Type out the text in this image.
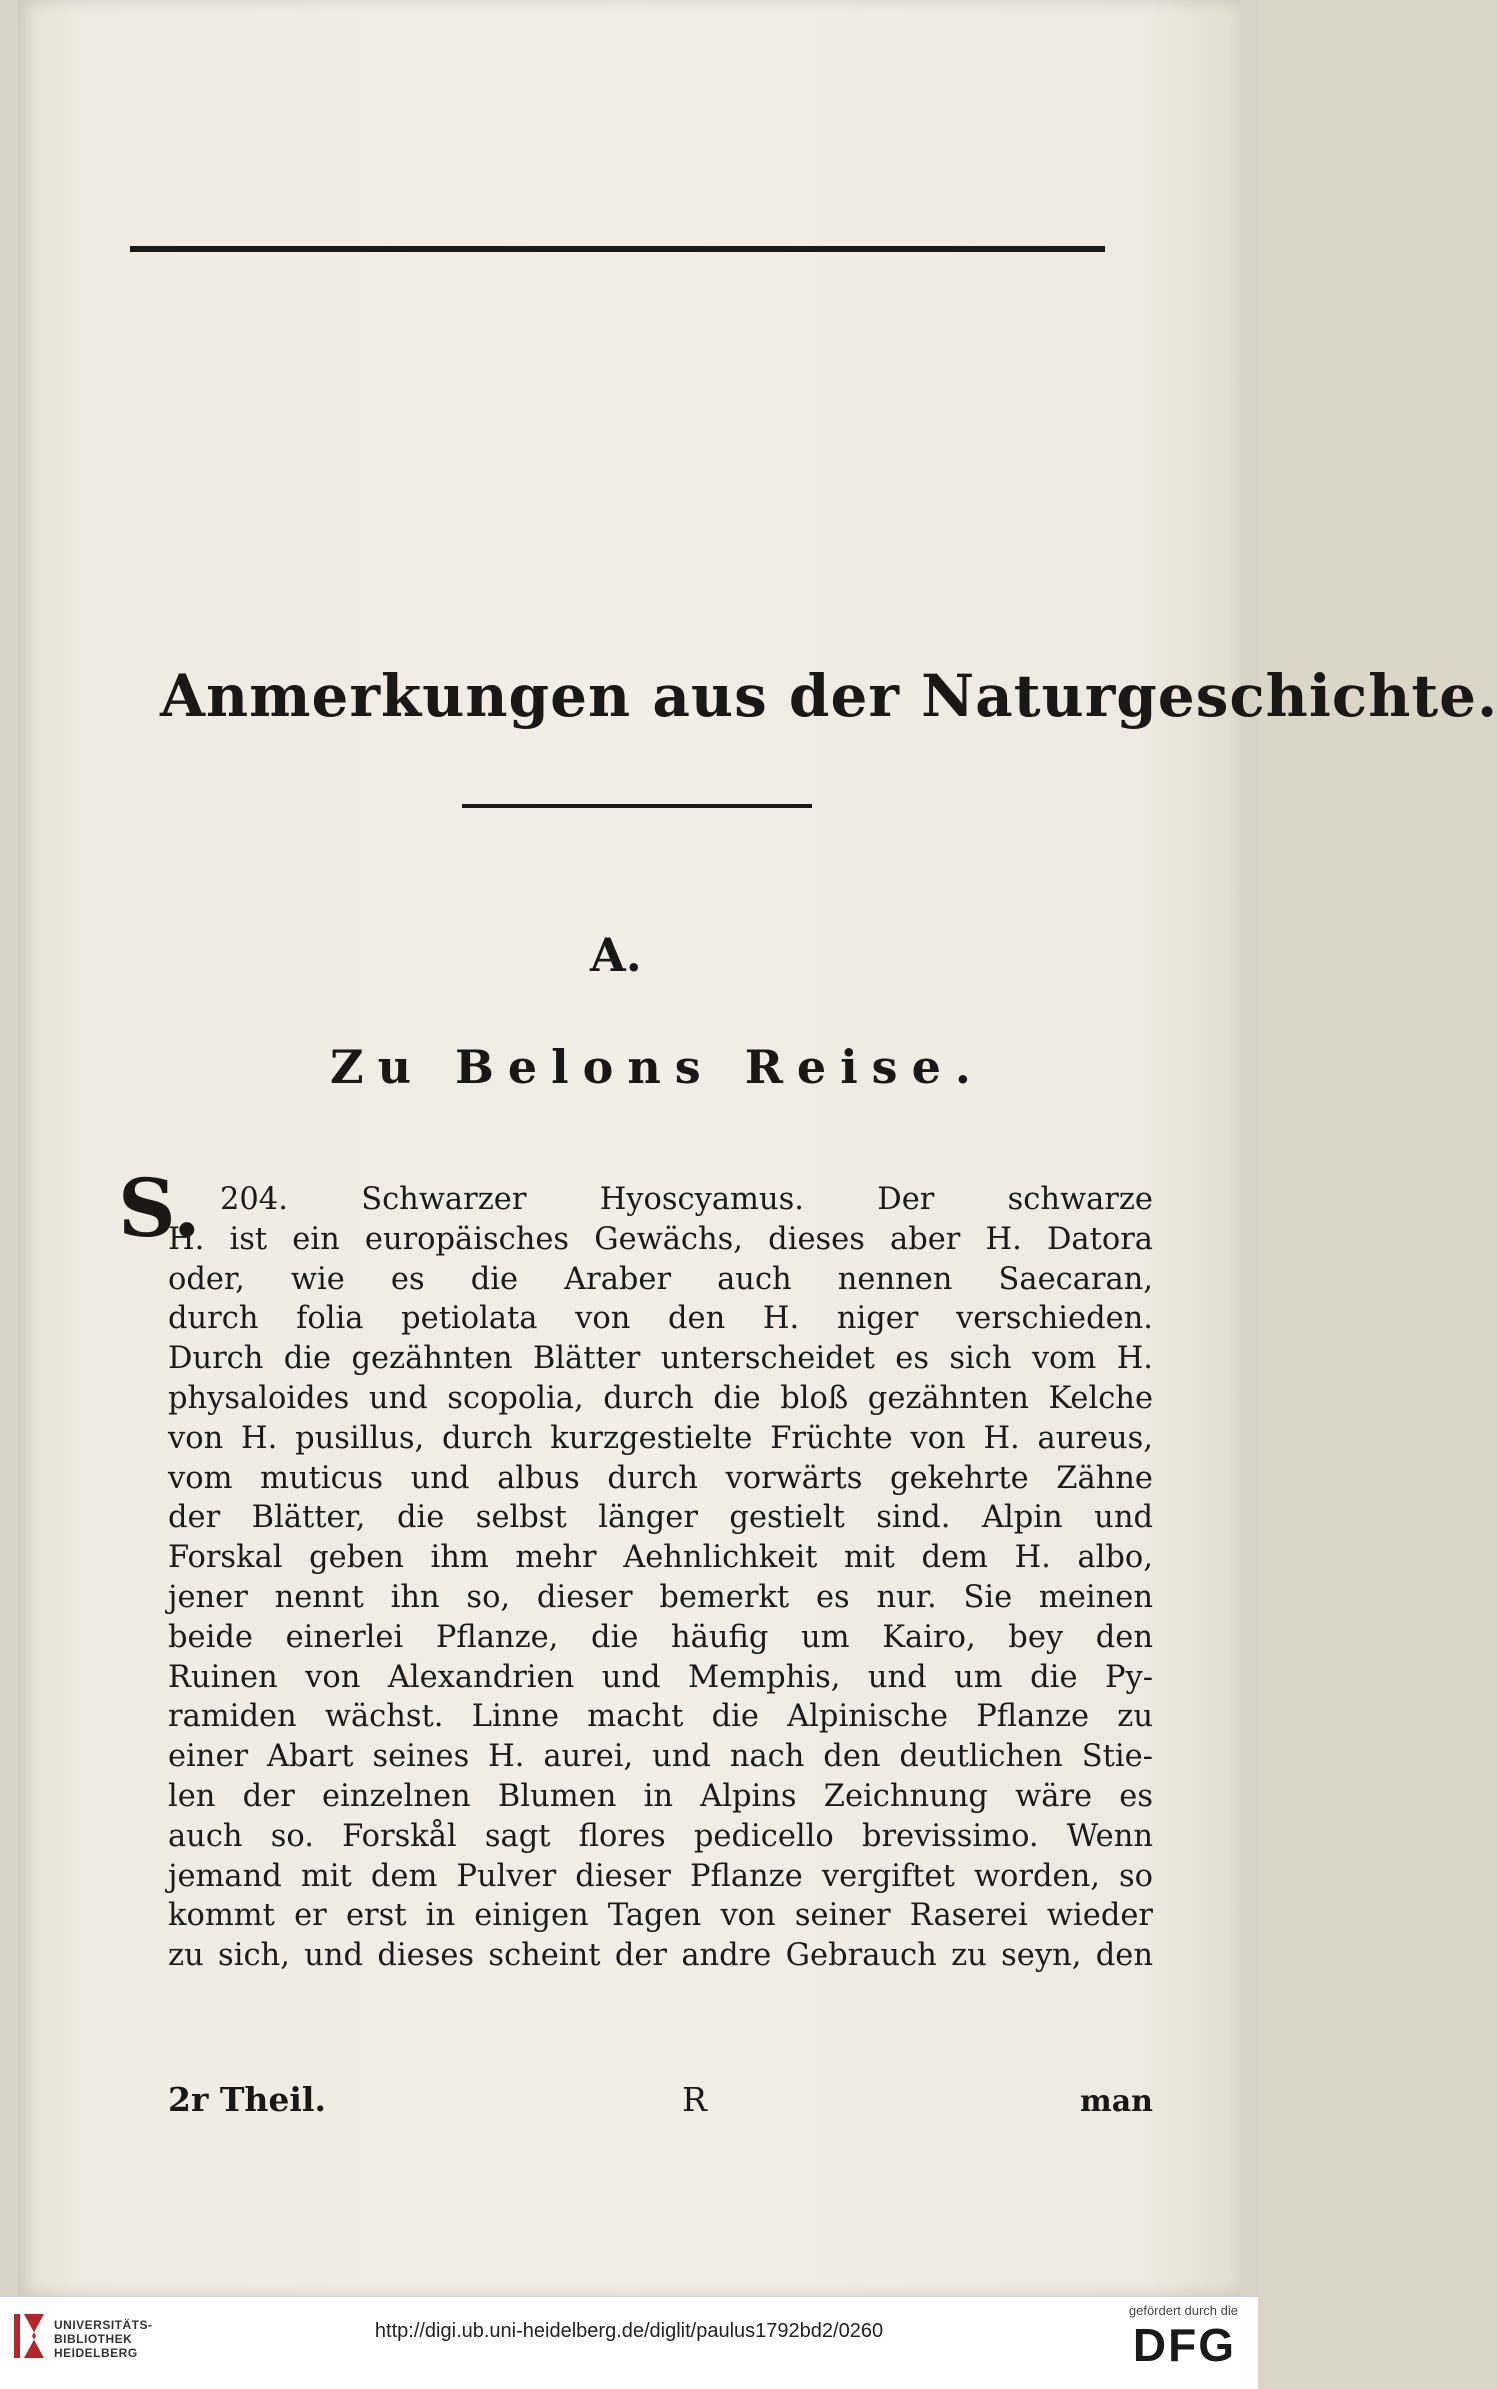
Anmerkungen aus der Naturgeschichte.
A.
Zu Belons Reise.
S. 204. Schwarzer Hyoscyamus. Der schwarze
H. ist ein europäisches Gewächs, dieses aber H. Datora
oder, wie es die Araber auch nennen Saecaran,
durch folia petiolata von den H. niger verschieden.
Durch die gezähnten Blätter unterscheidet es sich vom H.
physaloides und scopolia, durch die bloß gezähnten Kelche
von H. pusillus, durch kurzgestielte Früchte von H. aureus,
vom muticus und albus durch vorwärts gekehrte Zähne
der Blätter, die selbst länger gestielt sind. Alpin und
Forskal geben ihm mehr Aehnlichkeit mit dem H. albo,
jener nennt ihn so, dieser bemerkt es nur. Sie meinen
beide einerlei Pflanze, die häufig um Kairo, bey den
Ruinen von Alexandrien und Memphis, und um die Py-
ramiden wächst. Linne macht die Alpinische Pflanze zu
einer Abart seines H. aurei, und nach den deutlichen Stie-
len der einzelnen Blumen in Alpins Zeichnung wäre es
auch so. Forskål sagt flores pedicello brevissimo. Wenn
jemand mit dem Pulver dieser Pflanze vergiftet worden, so
kommt er erst in einigen Tagen von seiner Raserei wieder
zu sich, und dieses scheint der andre Gebrauch zu seyn, den
2r Theil.	R	man
UNIVERSITÄTS-
BIBLIOTHEK
HEIDELBERG
http://digi.ub.uni-heidelberg.de/diglit/paulus1792bd2/0260
gefördert durch die
DFG
